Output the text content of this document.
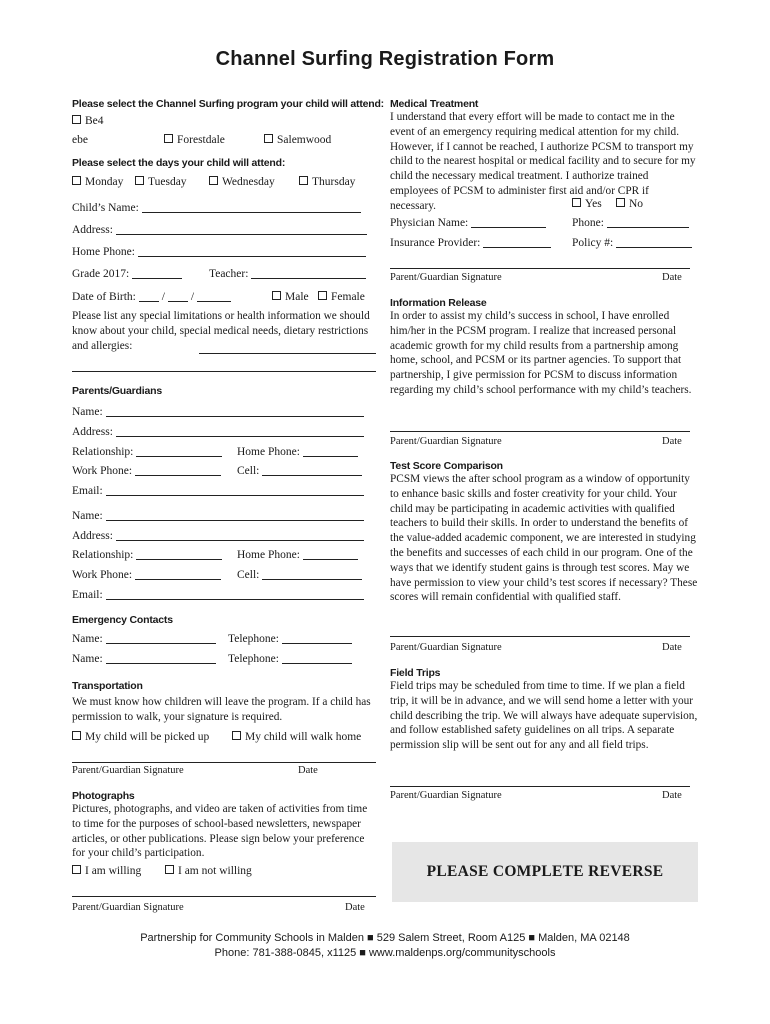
Channel Surfing Registration Form
Please select the Channel Surfing program your child will attend:
Be4
ebe	Forestdale	Salemwood
Please select the days your child will attend:
Monday	Tuesday	Wednesday	Thursday
Child’s Name:
Address:
Home Phone:
Grade 2017:	Teacher:
Date of Birth: / /	Male	Female
Please list any special limitations or health information we should know about your child, special medical needs, dietary restrictions and allergies:
Parents/Guardians
Name:
Address:
Relationship:	Home Phone:
Work Phone:	Cell:
Email:
Name:
Address:
Relationship:	Home Phone:
Work Phone:	Cell:
Email:
Emergency Contacts
Name:	Telephone:
Name:	Telephone:
Transportation
We must know how children will leave the program. If a child has permission to walk, your signature is required.
My child will be picked up	My child will walk home
Parent/Guardian Signature	Date
Photographs
Pictures, photographs, and video are taken of activities from time to time for the purposes of school-based newsletters, newspaper articles, or other publications. Please sign below your preference for your child’s participation.
I am willing	I am not willing
Parent/Guardian Signature	Date
Medical Treatment
I understand that every effort will be made to contact me in the event of an emergency requiring medical attention for my child. However, if I cannot be reached, I authorize PCSM to transport my child to the nearest hospital or medical facility and to secure for my child the necessary medical treatment. I authorize trained employees of PCSM to administer first aid and/or CPR if necessary.	Yes	No
Physician Name:	Phone:
Insurance Provider:	Policy #:
Parent/Guardian Signature	Date
Information Release
In order to assist my child’s success in school, I have enrolled him/her in the PCSM program. I realize that increased personal academic growth for my child results from a partnership among home, school, and PCSM or its partner agencies. To support that partnership, I give permission for PCSM to discuss information regarding my child’s school performance with my child’s teachers.
Parent/Guardian Signature	Date
Test Score Comparison
PCSM views the after school program as a window of opportunity to enhance basic skills and foster creativity for your child. Your child may be participating in academic activities with qualified teachers to build their skills. In order to understand the benefits of the value-added academic component, we are interested in studying the benefits and successes of each child in our program. One of the ways that we identify student gains is through test scores. May we have permission to view your child’s test scores if necessary? These scores will remain confidential with qualified staff.
Parent/Guardian Signature	Date
Field Trips
Field trips may be scheduled from time to time. If we plan a field trip, it will be in advance, and we will send home a letter with your child describing the trip. We will always have adequate supervision, and follow established safety guidelines on all trips. A separate permission slip will be sent out for any and all field trips.
Parent/Guardian Signature	Date
PLEASE COMPLETE REVERSE
Partnership for Community Schools in Malden ■ 529 Salem Street, Room A125 ■ Malden, MA 02148
Phone: 781-388-0845, x1125 ■ www.maldenps.org/communityschools
